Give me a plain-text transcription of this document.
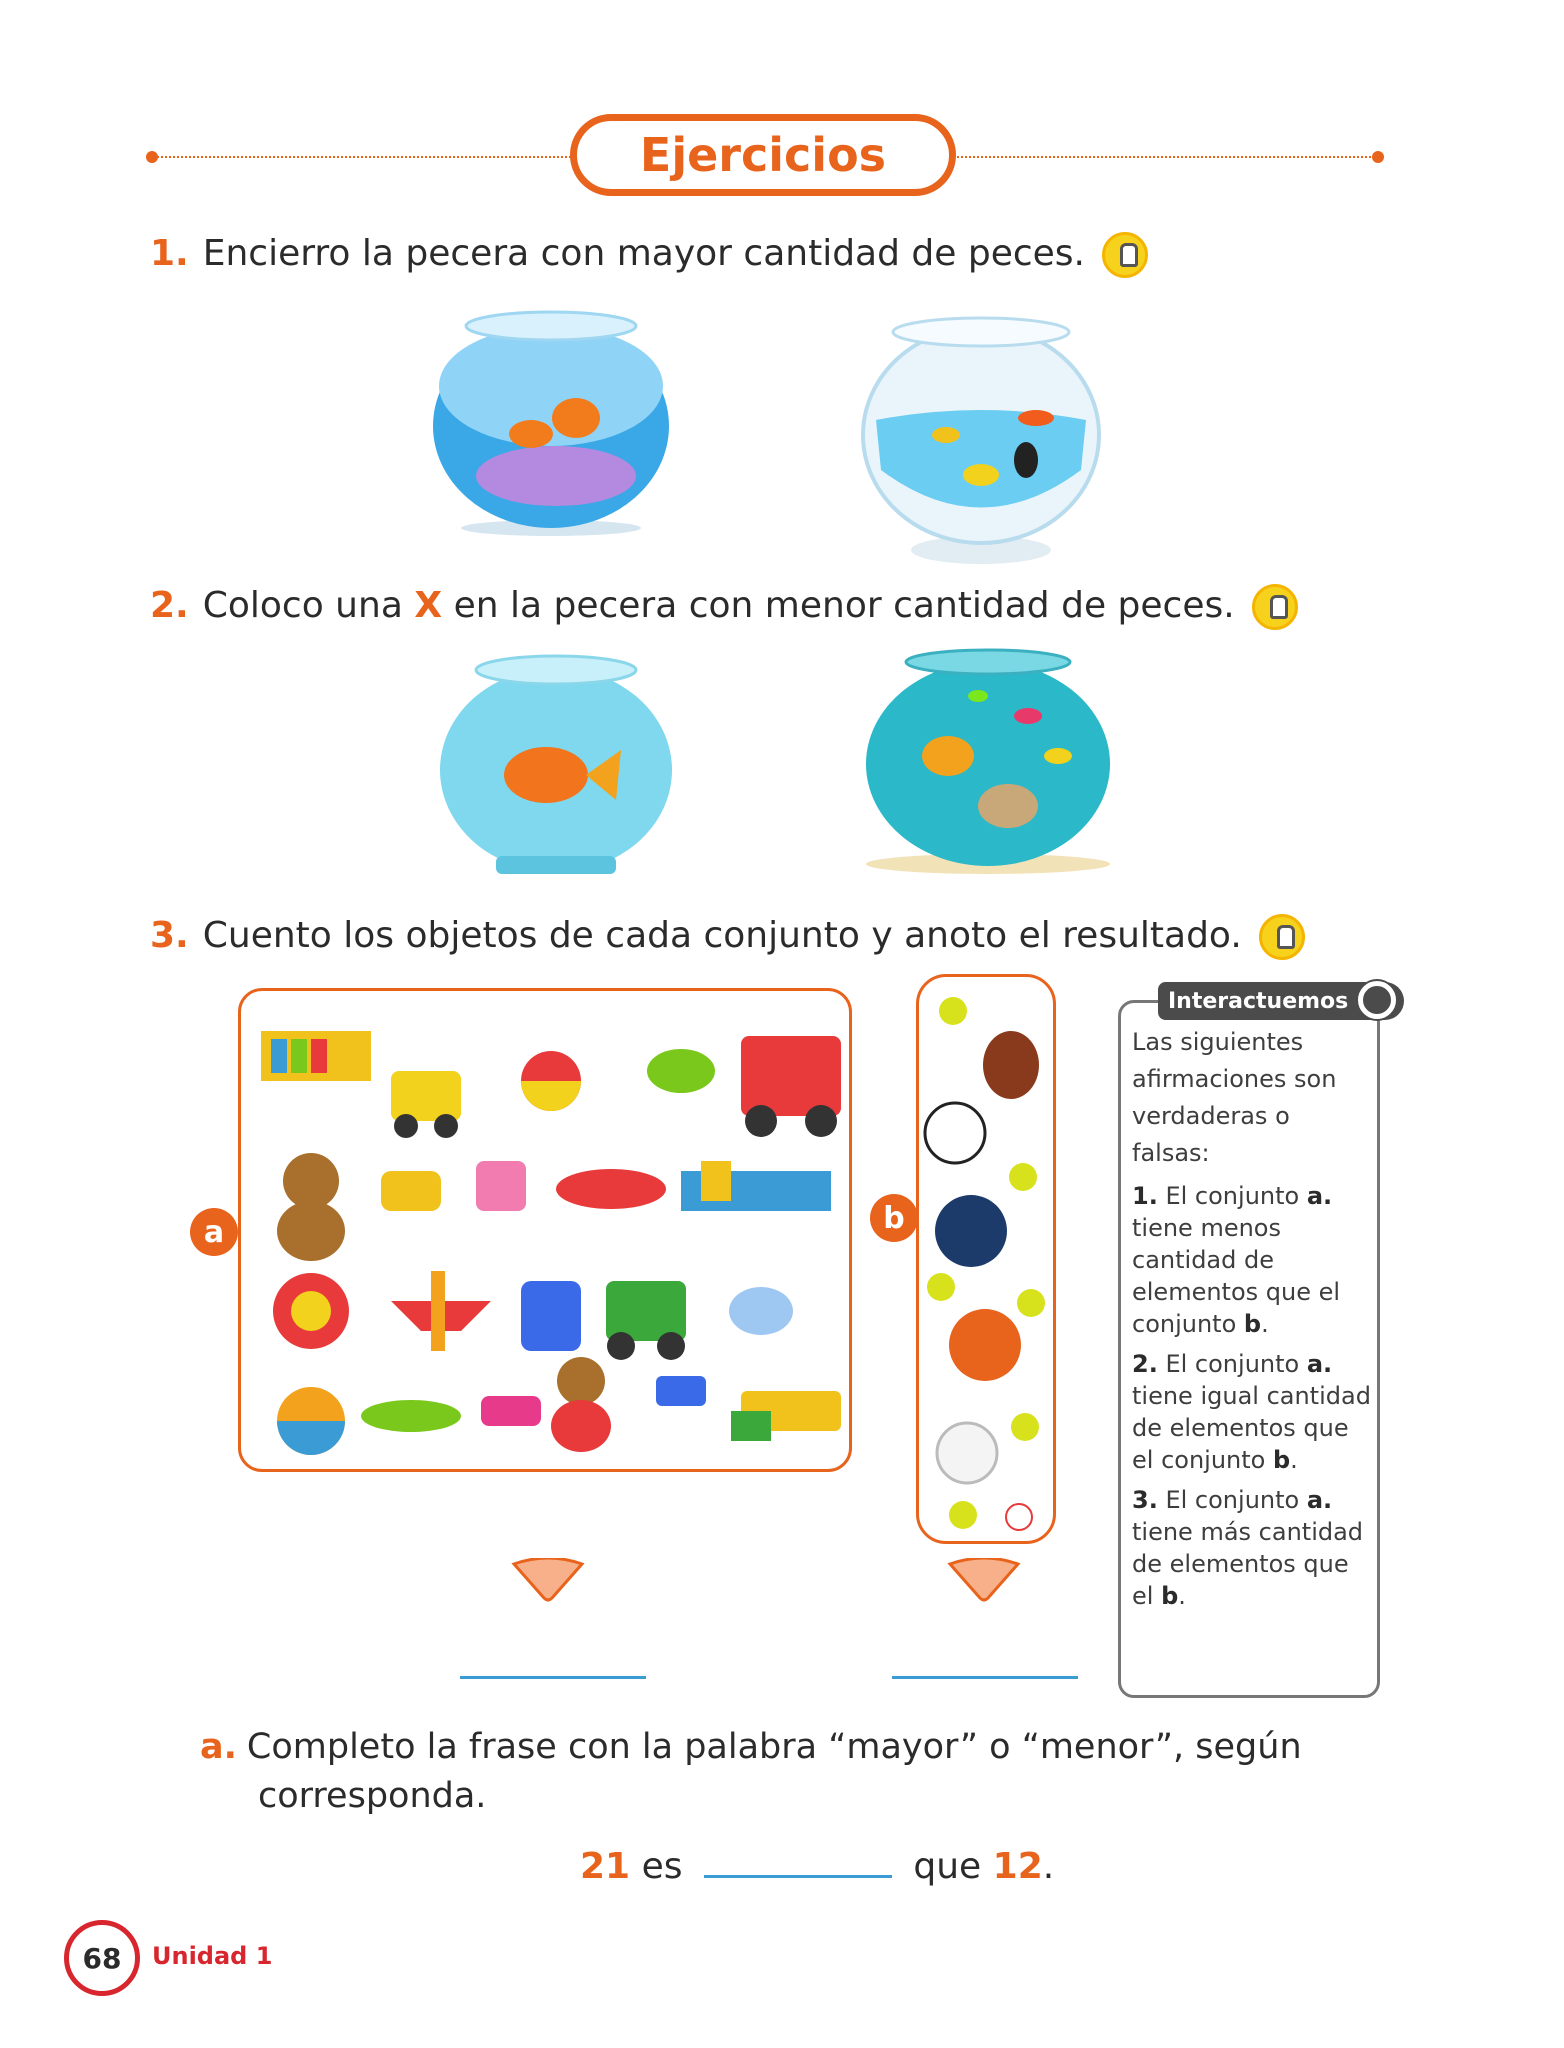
Ejercicios
1. Encierro la pecera con mayor cantidad de peces.
2. Coloco una X en la pecera con menor cantidad de peces.
3. Cuento los objetos de cada conjunto y anoto el resultado.
a	b
Interactuemos
Las siguientes afirmaciones son verdaderas o falsas:
1. El conjunto a. tiene menos cantidad de elementos que el conjunto b.
2. El conjunto a. tiene igual cantidad de elementos que el conjunto b.
3. El conjunto a. tiene más cantidad de elementos que el b.
a. Completo la frase con la palabra “mayor” o “menor”, según
corresponda.
21 es	que 12.
68	Unidad 1
